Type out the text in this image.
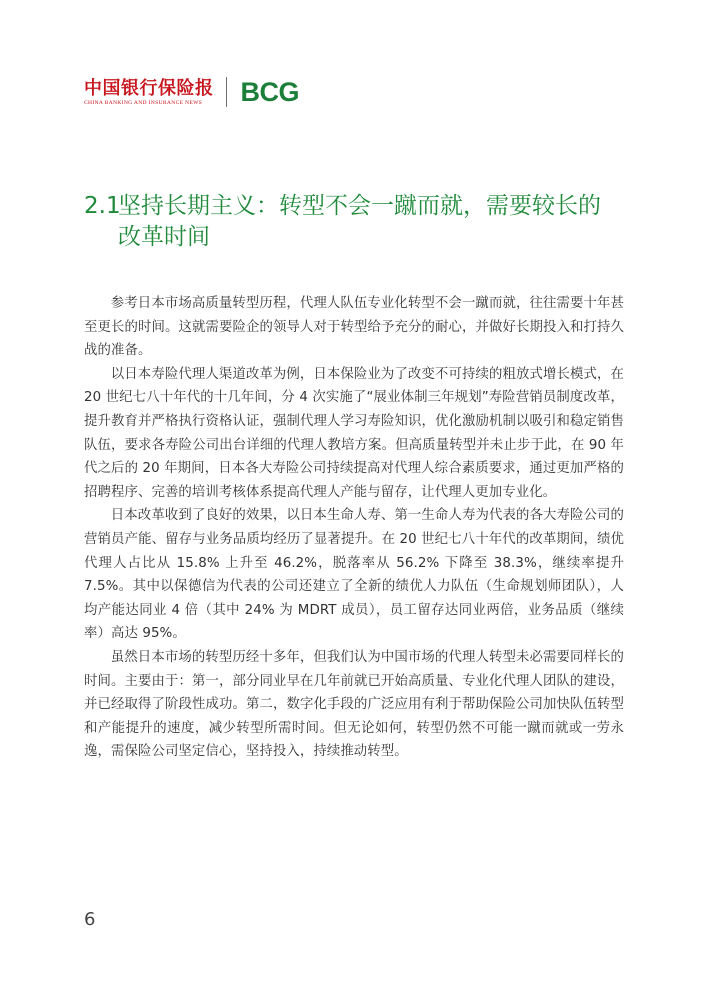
中国银行保险报
CHINA BANKING AND INSURANCE NEWS	BCG
2.1坚持长期主义：转型不会一蹴而就，需要较长的
改革时间

参考日本市场高质量转型历程，代理人队伍专业化转型不会一蹴而就，往往需要十年甚至更长的时间。这就需要险企的领导人对于转型给予充分的耐心，并做好长期投入和打持久战的准备。

以日本寿险代理人渠道改革为例，日本保险业为了改变不可持续的粗放式增长模式，在 20 世纪七八十年代的十几年间，分 4 次实施了“展业体制三年规划”寿险营销员制度改革，提升教育并严格执行资格认证，强制代理人学习寿险知识，优化激励机制以吸引和稳定销售队伍，要求各寿险公司出台详细的代理人教培方案。但高质量转型并未止步于此，在 90 年代之后的 20 年期间，日本各大寿险公司持续提高对代理人综合素质要求，通过更加严格的招聘程序、完善的培训考核体系提高代理人产能与留存，让代理人更加专业化。

日本改革收到了良好的效果，以日本生命人寿、第一生命人寿为代表的各大寿险公司的营销员产能、留存与业务品质均经历了显著提升。在 20 世纪七八十年代的改革期间，绩优代理人占比从 15.8% 上升至 46.2%，脱落率从 56.2% 下降至 38.3%，继续率提升 7.5%。其中以保德信为代表的公司还建立了全新的绩优人力队伍（生命规划师团队），人均产能达同业 4 倍（其中 24% 为 MDRT 成员），员工留存达同业两倍，业务品质（继续率）高达 95%。

虽然日本市场的转型历经十多年，但我们认为中国市场的代理人转型未必需要同样长的时间。主要由于：第一，部分同业早在几年前就已开始高质量、专业化代理人团队的建设，并已经取得了阶段性成功。第二，数字化手段的广泛应用有利于帮助保险公司加快队伍转型和产能提升的速度，减少转型所需时间。但无论如何，转型仍然不可能一蹴而就或一劳永逸，需保险公司坚定信心，坚持投入，持续推动转型。

6
